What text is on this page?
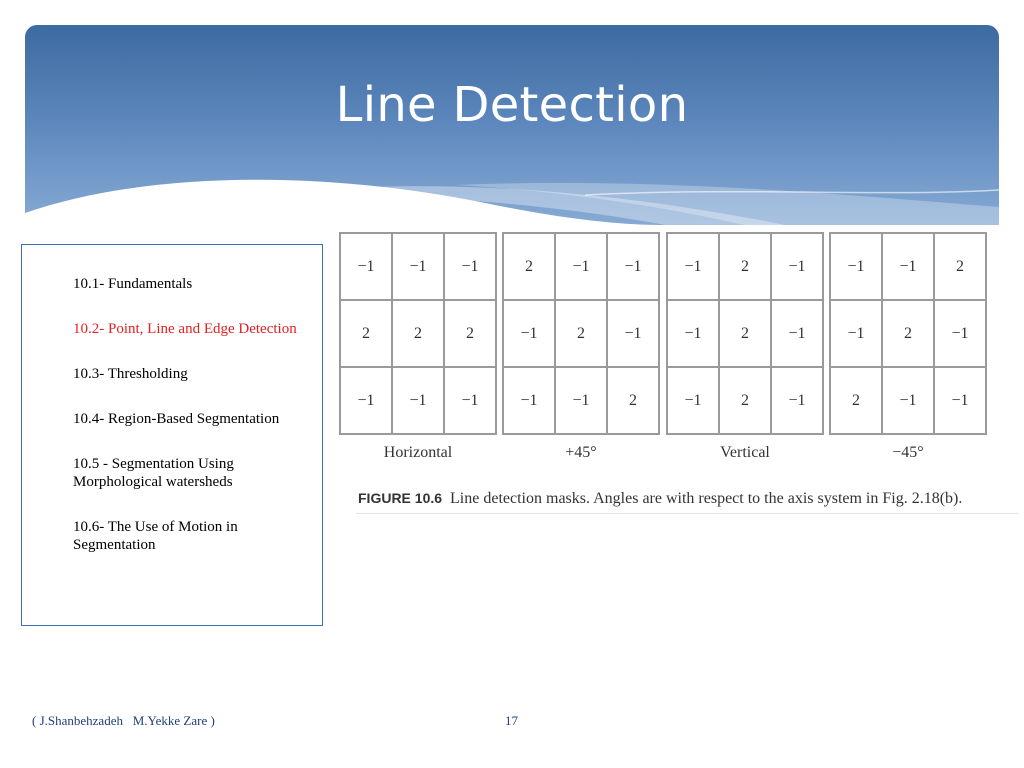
Line Detection
10.1- Fundamentals
10.2- Point, Line and Edge Detection
10.3- Thresholding
10.4- Region-Based Segmentation
10.5 - Segmentation Using Morphological watersheds
10.6- The Use of Motion in Segmentation
−1	−1	−1
2	2	2
−1	−1	−1
Horizontal
2	−1	−1
−1	2	−1
−1	−1	2
+45°
−1	2	−1
−1	2	−1
−1	2	−1
Vertical
−1	−1	2
−1	2	−1
2	−1	−1
−45°
FIGURE 10.6 Line detection masks. Angles are with respect to the axis system in Fig. 2.18(b).
( J.Shanbehzadeh   M.Yekke Zare )	17
